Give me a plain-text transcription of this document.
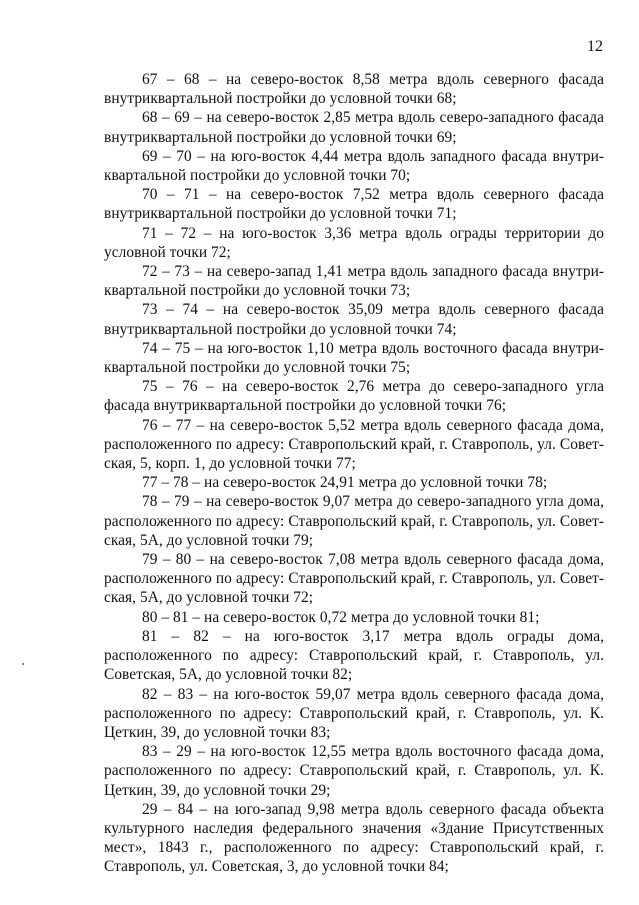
12

67 – 68 – на северо-восток 8,58 метра вдоль северного фасада внутриквартальной постройки до условной точки 68;

68 – 69 – на северо-восток 2,85 метра вдоль северо-западного фасада внутриквартальной постройки до условной точки 69;

69 – 70 – на юго-восток 4,44 метра вдоль западного фасада внутриквартальной постройки до условной точки 70;

70 – 71 – на северо-восток 7,52 метра вдоль северного фасада внутриквартальной постройки до условной точки 71;

71 – 72 – на юго-восток 3,36 метра вдоль ограды территории до условной точки 72;

72 – 73 – на северо-запад 1,41 метра вдоль западного фасада внутриквартальной постройки до условной точки 73;

73 – 74 – на северо-восток 35,09 метра вдоль северного фасада внутриквартальной постройки до условной точки 74;

74 – 75 – на юго-восток 1,10 метра вдоль восточного фасада внутриквартальной постройки до условной точки 75;

75 – 76 – на северо-восток 2,76 метра до северо-западного угла фасада внутриквартальной постройки до условной точки 76;

76 – 77 – на северо-восток 5,52 метра вдоль северного фасада дома, расположенного по адресу: Ставропольский край, г. Ставрополь, ул. Советская, 5, корп. 1, до условной точки 77;

77 – 78 – на северо-восток 24,91 метра до условной точки 78;

78 – 79 – на северо-восток 9,07 метра до северо-западного угла дома, расположенного по адресу: Ставропольский край, г. Ставрополь, ул. Советская, 5А, до условной точки 79;

79 – 80 – на северо-восток 7,08 метра вдоль северного фасада дома, расположенного по адресу: Ставропольский край, г. Ставрополь, ул. Советская, 5А, до условной точки 72;

80 – 81 – на северо-восток 0,72 метра до условной точки 81;

81 – 82 – на юго-восток 3,17 метра вдоль ограды дома, расположенного по адресу: Ставропольский край, г. Ставрополь, ул. Советская, 5А, до условной точки 82;

82 – 83 – на юго-восток 59,07 метра вдоль северного фасада дома, расположенного по адресу: Ставропольский край, г. Ставрополь, ул. К. Цеткин, 39, до условной точки 83;

83 – 29 – на юго-восток 12,55 метра вдоль восточного фасада дома, расположенного по адресу: Ставропольский край, г. Ставрополь, ул. К. Цеткин, 39, до условной точки 29;

29 – 84 – на юго-запад 9,98 метра вдоль северного фасада объекта культурного наследия федерального значения «Здание Присутственных мест», 1843 г., расположенного по адресу: Ставропольский край, г. Ставрополь, ул. Советская, 3, до условной точки 84;
